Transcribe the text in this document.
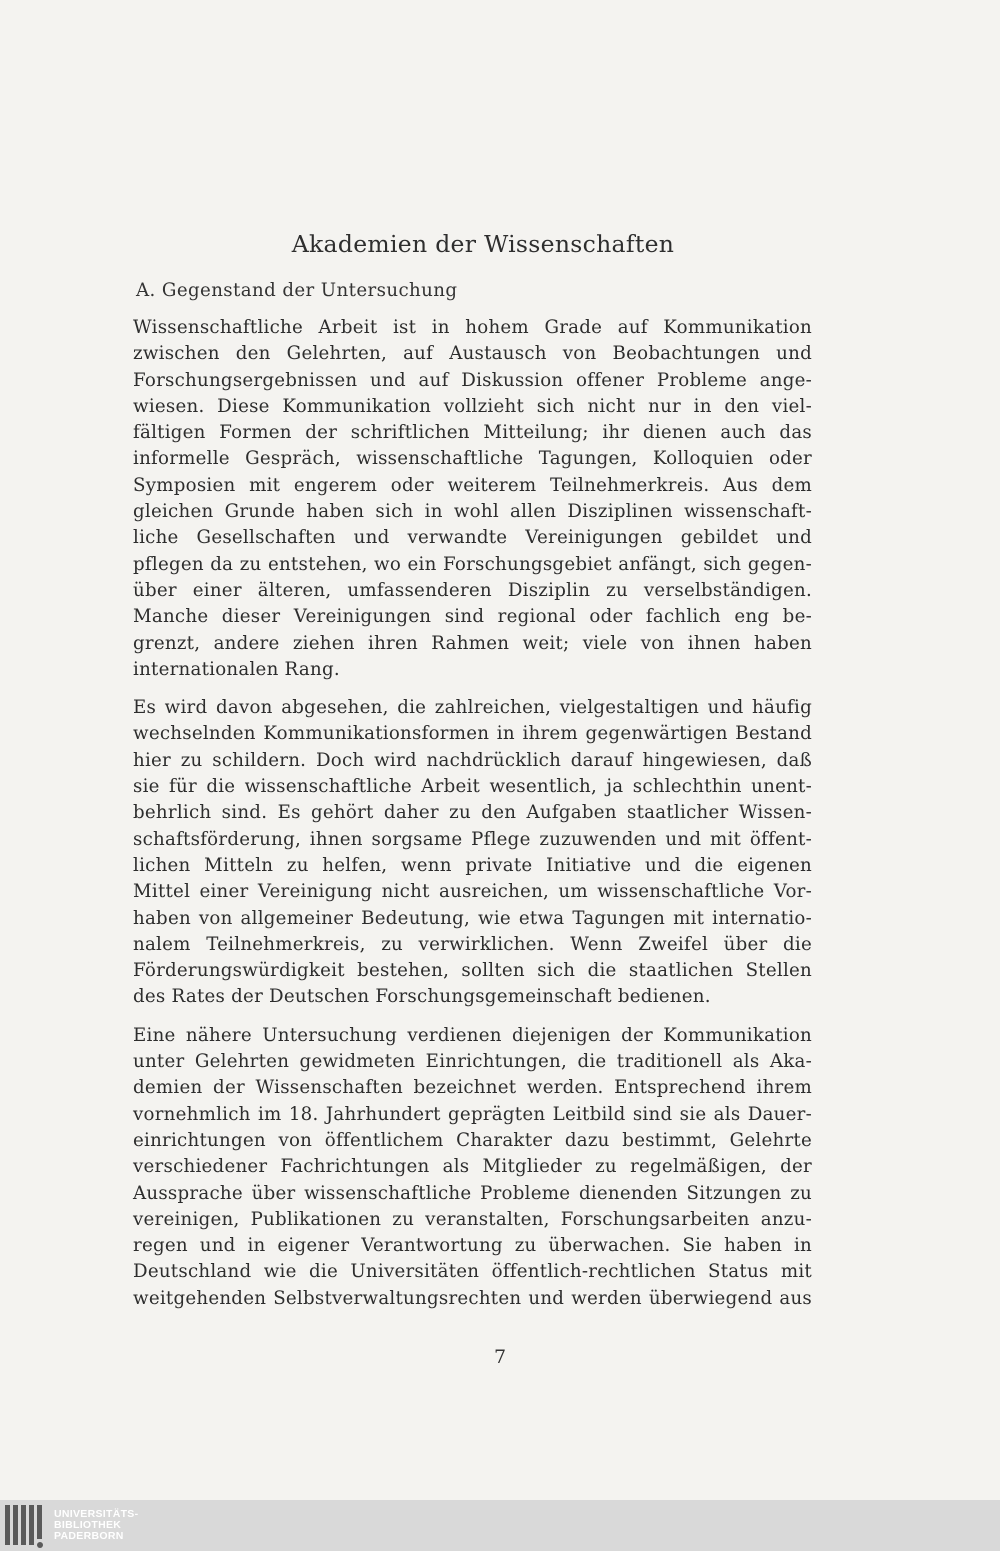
Akademien der Wissenschaften
A. Gegenstand der Untersuchung

Wissenschaftliche Arbeit ist in hohem Grade auf Kommunikation
zwischen den Gelehrten, auf Austausch von Beobachtungen und
Forschungsergebnissen und auf Diskussion offener Probleme ange-
wiesen. Diese Kommunikation vollzieht sich nicht nur in den viel-
fältigen Formen der schriftlichen Mitteilung; ihr dienen auch das
informelle Gespräch, wissenschaftliche Tagungen, Kolloquien oder
Symposien mit engerem oder weiterem Teilnehmerkreis. Aus dem
gleichen Grunde haben sich in wohl allen Disziplinen wissenschaft-
liche Gesellschaften und verwandte Vereinigungen gebildet und
pflegen da zu entstehen, wo ein Forschungsgebiet anfängt, sich gegen-
über einer älteren, umfassenderen Disziplin zu verselbständigen.
Manche dieser Vereinigungen sind regional oder fachlich eng be-
grenzt, andere ziehen ihren Rahmen weit; viele von ihnen haben
internationalen Rang.

Es wird davon abgesehen, die zahlreichen, vielgestaltigen und häufig
wechselnden Kommunikationsformen in ihrem gegenwärtigen Bestand
hier zu schildern. Doch wird nachdrücklich darauf hingewiesen, daß
sie für die wissenschaftliche Arbeit wesentlich, ja schlechthin unent-
behrlich sind. Es gehört daher zu den Aufgaben staatlicher Wissen-
schaftsförderung, ihnen sorgsame Pflege zuzuwenden und mit öffent-
lichen Mitteln zu helfen, wenn private Initiative und die eigenen
Mittel einer Vereinigung nicht ausreichen, um wissenschaftliche Vor-
haben von allgemeiner Bedeutung, wie etwa Tagungen mit internatio-
nalem Teilnehmerkreis, zu verwirklichen. Wenn Zweifel über die
Förderungswürdigkeit bestehen, sollten sich die staatlichen Stellen
des Rates der Deutschen Forschungsgemeinschaft bedienen.

Eine nähere Untersuchung verdienen diejenigen der Kommunikation
unter Gelehrten gewidmeten Einrichtungen, die traditionell als Aka-
demien der Wissenschaften bezeichnet werden. Entsprechend ihrem
vornehmlich im 18. Jahrhundert geprägten Leitbild sind sie als Dauer-
einrichtungen von öffentlichem Charakter dazu bestimmt, Gelehrte
verschiedener Fachrichtungen als Mitglieder zu regelmäßigen, der
Aussprache über wissenschaftliche Probleme dienenden Sitzungen zu
vereinigen, Publikationen zu veranstalten, Forschungsarbeiten anzu-
regen und in eigener Verantwortung zu überwachen. Sie haben in
Deutschland wie die Universitäten öffentlich-rechtlichen Status mit
weitgehenden Selbstverwaltungsrechten und werden überwiegend aus

7
UNIVERSITÄTS-
BIBLIOTHEK
PADERBORN
